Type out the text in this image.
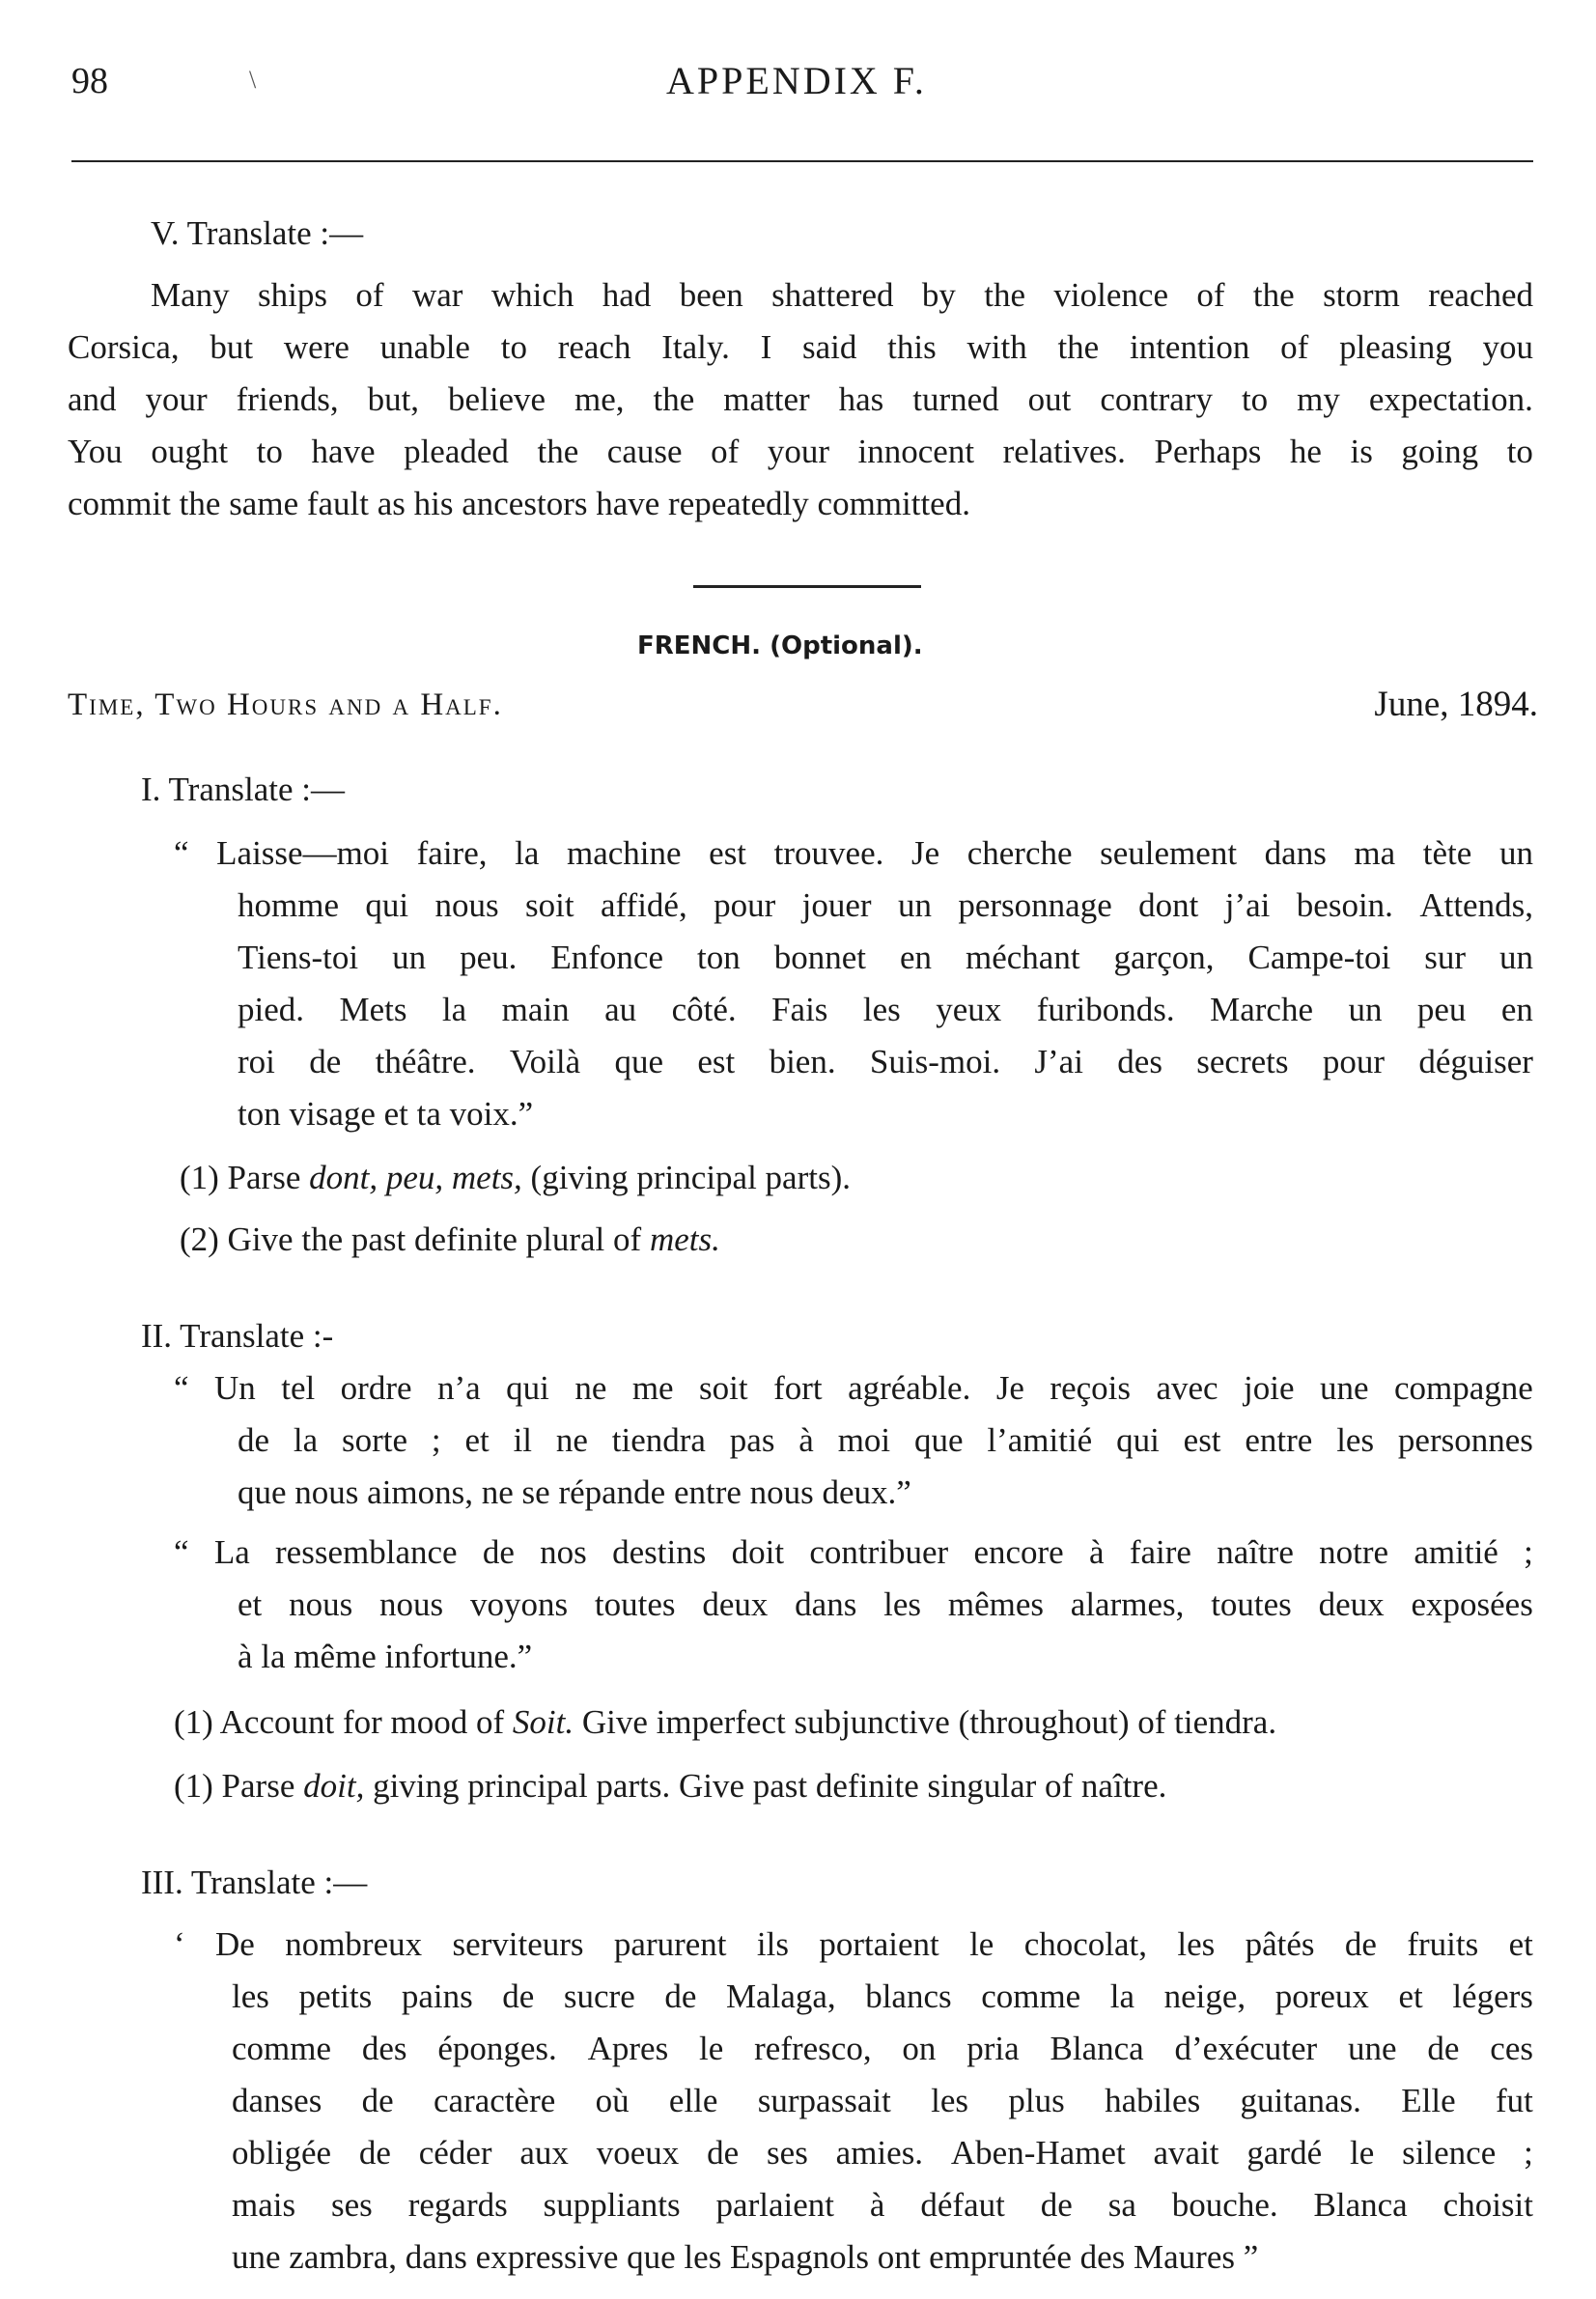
98	\	APPENDIX F.
V. Translate :—
Many ships of war which had been shattered by the violence of the storm reached
Corsica, but were unable to reach Italy. I said this with the intention of pleasing you
and your friends, but, believe me, the matter has turned out contrary to my expectation.
You ought to have pleaded the cause of your innocent relatives. Perhaps he is going to
commit the same fault as his ancestors have repeatedly committed.
FRENCH. (Optional).
Time, Two Hours and a Half.	June, 1894.
I. Translate :—
“ Laisse—moi faire, la machine est trouvee. Je cherche seulement dans ma tète un
homme qui nous soit affidé, pour jouer un personnage dont j’ai besoin. Attends,
Tiens-toi un peu. Enfonce ton bonnet en méchant garçon, Campe-toi sur un
pied. Mets la main au côté. Fais les yeux furibonds. Marche un peu en
roi de théâtre. Voilà que est bien. Suis-moi. J’ai des secrets pour déguiser
ton visage et ta voix.”
(1) Parse dont, peu, mets, (giving principal parts).
(2) Give the past definite plural of mets.
II. Translate :-
“ Un tel ordre n’a qui ne me soit fort agréable. Je reçois avec joie une compagne
de la sorte ; et il ne tiendra pas à moi que l’amitié qui est entre les personnes
que nous aimons, ne se répande entre nous deux.”
“ La ressemblance de nos destins doit contribuer encore à faire naître notre amitié ;
et nous nous voyons toutes deux dans les mêmes alarmes, toutes deux exposées
à la même infortune.”
(1) Account for mood of Soit. Give imperfect subjunctive (throughout) of tiendra.
(1) Parse doit, giving principal parts. Give past definite singular of naître.
III. Translate :—
‘ De nombreux serviteurs parurent ils portaient le chocolat, les pâtés de fruits et
les petits pains de sucre de Malaga, blancs comme la neige, poreux et légers
comme des éponges. Apres le refresco, on pria Blanca d’exécuter une de ces
danses de caractère où elle surpassait les plus habiles guitanas. Elle fut
obligée de céder aux voeux de ses amies. Aben-Hamet avait gardé le silence ;
mais ses regards suppliants parlaient à défaut de sa bouche. Blanca choisit
une zambra, dans expressive que les Espagnols ont empruntée des Maures ”
